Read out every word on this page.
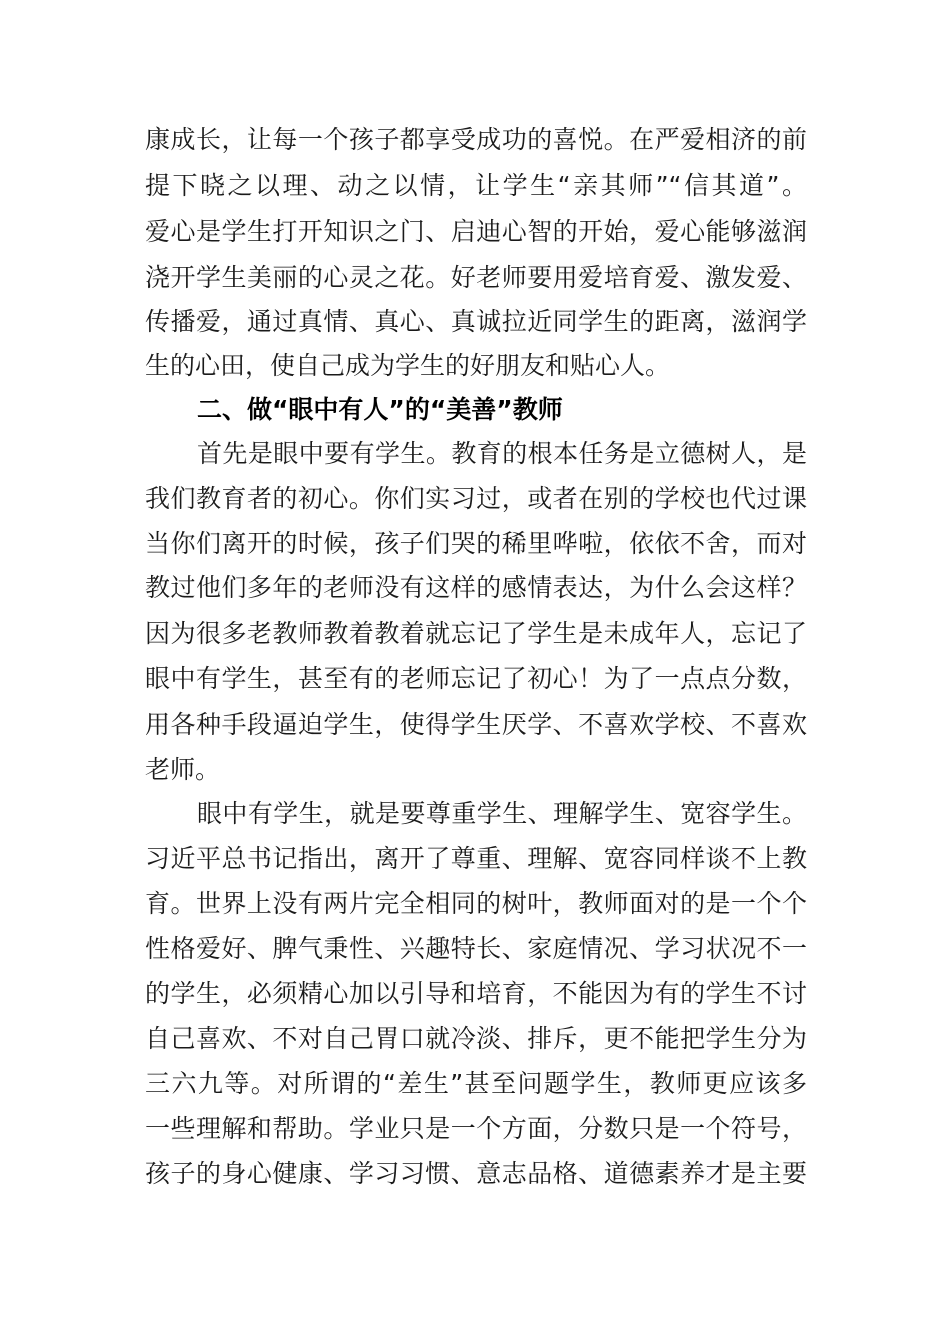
康成长，让每一个孩子都享受成功的喜悦。在严爱相济的前
提下晓之以理、动之以情，让学生“亲其师”“信其道”。
爱心是学生打开知识之门、启迪心智的开始，爱心能够滋润
浇开学生美丽的心灵之花。好老师要用爱培育爱、激发爱、
传播爱，通过真情、真心、真诚拉近同学生的距离，滋润学
生的心田，使自己成为学生的好朋友和贴心人。
二、做“眼中有人”的“美善”教师
首先是眼中要有学生。教育的根本任务是立德树人，是
我们教育者的初心。你们实习过，或者在别的学校也代过课
当你们离开的时候，孩子们哭的稀里哗啦，依依不舍，而对
教过他们多年的老师没有这样的感情表达，为什么会这样？
因为很多老教师教着教着就忘记了学生是未成年人，忘记了
眼中有学生，甚至有的老师忘记了初心！为了一点点分数，
用各种手段逼迫学生，使得学生厌学、不喜欢学校、不喜欢
老师。
眼中有学生，就是要尊重学生、理解学生、宽容学生。
习近平总书记指出，离开了尊重、理解、宽容同样谈不上教
育。世界上没有两片完全相同的树叶，教师面对的是一个个
性格爱好、脾气秉性、兴趣特长、家庭情况、学习状况不一
的学生，必须精心加以引导和培育，不能因为有的学生不讨
自己喜欢、不对自己胃口就冷淡、排斥，更不能把学生分为
三六九等。对所谓的“差生”甚至问题学生，教师更应该多
一些理解和帮助。学业只是一个方面，分数只是一个符号，
孩子的身心健康、学习习惯、意志品格、道德素养才是主要
